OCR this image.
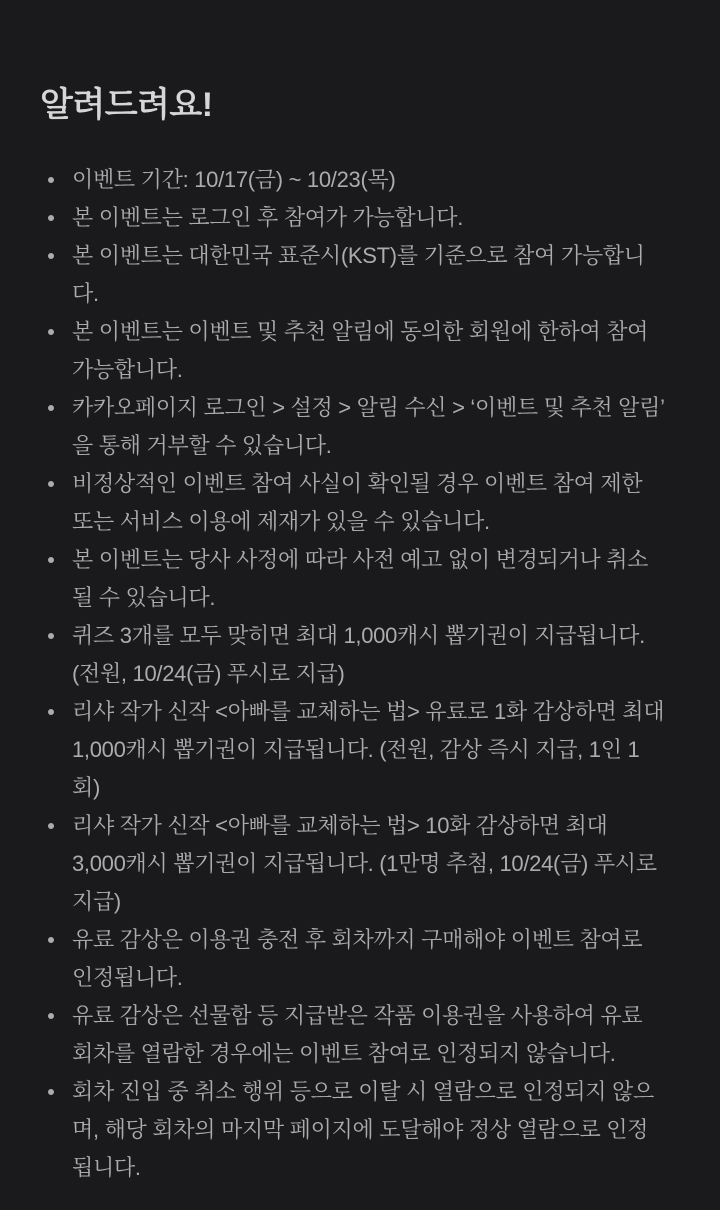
알려드려요!
이벤트 기간: 10/17(금) ~ 10/23(목)
본 이벤트는 로그인 후 참여가 가능합니다.
본 이벤트는 대한민국 표준시(KST)를 기준으로 참여 가능합니다.
본 이벤트는 이벤트 및 추천 알림에 동의한 회원에 한하여 참여 가능합니다.
카카오페이지 로그인 > 설정 > 알림 수신 > ‘이벤트 및 추천 알림’ 을 통해 거부할 수 있습니다.
비정상적인 이벤트 참여 사실이 확인될 경우 이벤트 참여 제한 또는 서비스 이용에 제재가 있을 수 있습니다.
본 이벤트는 당사 사정에 따라 사전 예고 없이 변경되거나 취소될 수 있습니다.
퀴즈 3개를 모두 맞히면 최대 1,000캐시 뽑기권이 지급됩니다. (전원, 10/24(금) 푸시로 지급)
리샤 작가 신작 <아빠를 교체하는 법> 유료로 1화 감상하면 최대 1,000캐시 뽑기권이 지급됩니다. (전원, 감상 즉시 지급, 1인 1회)
리샤 작가 신작 <아빠를 교체하는 법> 10화 감상하면 최대 3,000캐시 뽑기권이 지급됩니다. (1만명 추첨, 10/24(금) 푸시로 지급)
유료 감상은 이용권 충전 후 회차까지 구매해야 이벤트 참여로 인정됩니다.
유료 감상은 선물함 등 지급받은 작품 이용권을 사용하여 유료 회차를 열람한 경우에는 이벤트 참여로 인정되지 않습니다.
회차 진입 중 취소 행위 등으로 이탈 시 열람으로 인정되지 않으며, 해당 회차의 마지막 페이지에 도달해야 정상 열람으로 인정됩니다.
